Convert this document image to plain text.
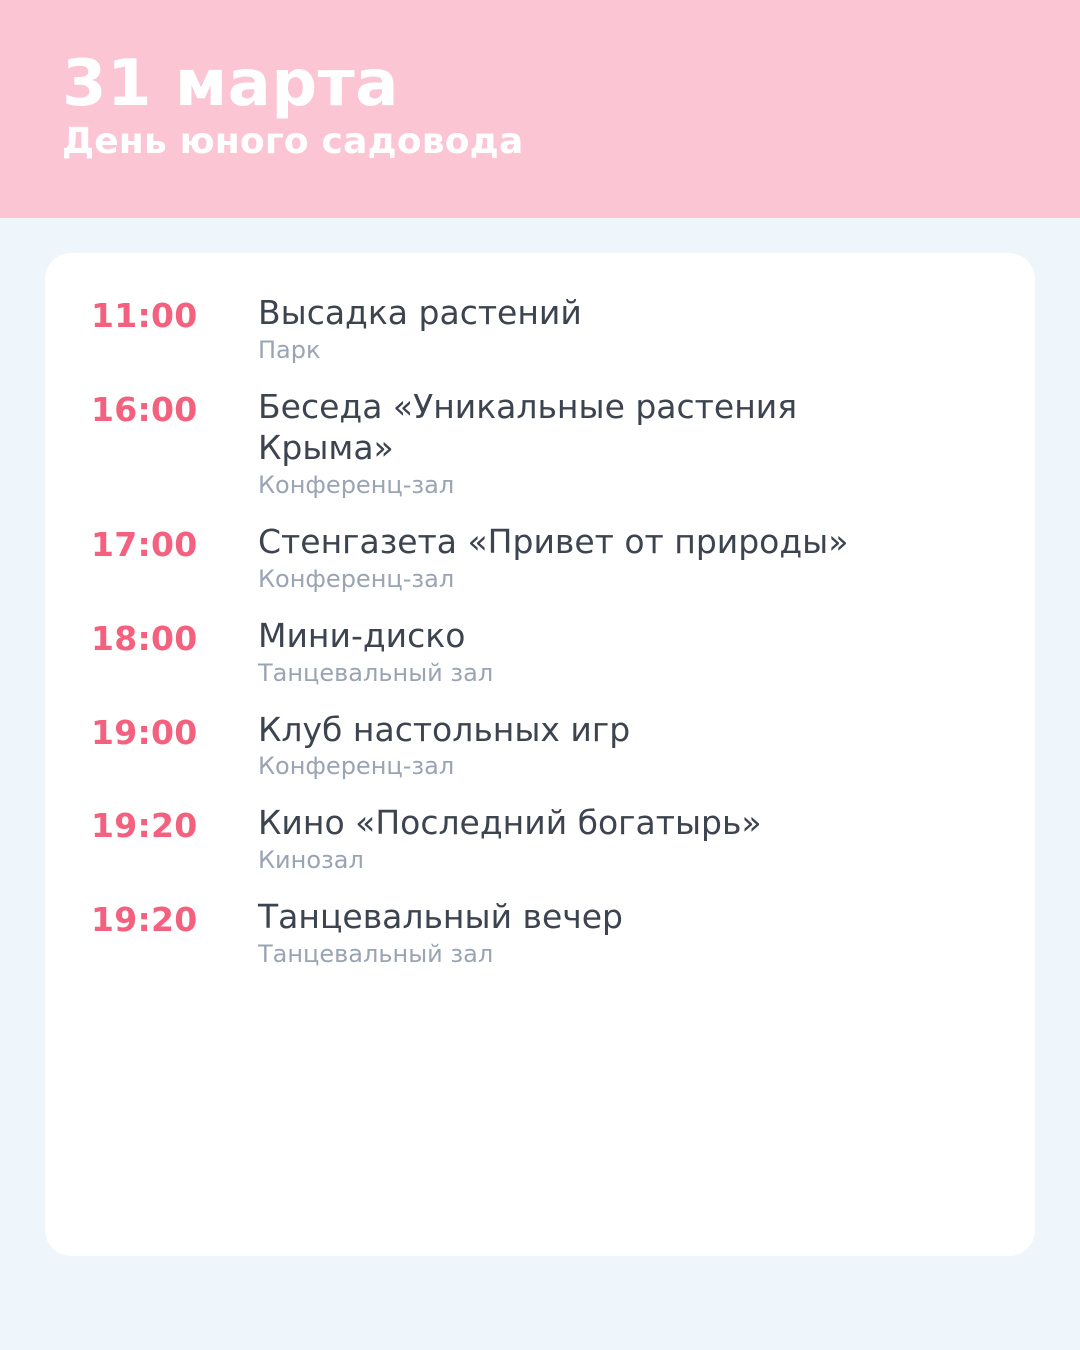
31 марта
День юного садовода
11:00	Высадка растений
Парк
16:00	Беседа «Уникальные растения Крыма»
Конференц-зал
17:00	Стенгазета «Привет от природы»
Конференц-зал
18:00	Мини-диско
Танцевальный зал
19:00	Клуб настольных игр
Конференц-зал
19:20	Кино «Последний богатырь»
Кинозал
19:20	Танцевальный вечер
Танцевальный зал
